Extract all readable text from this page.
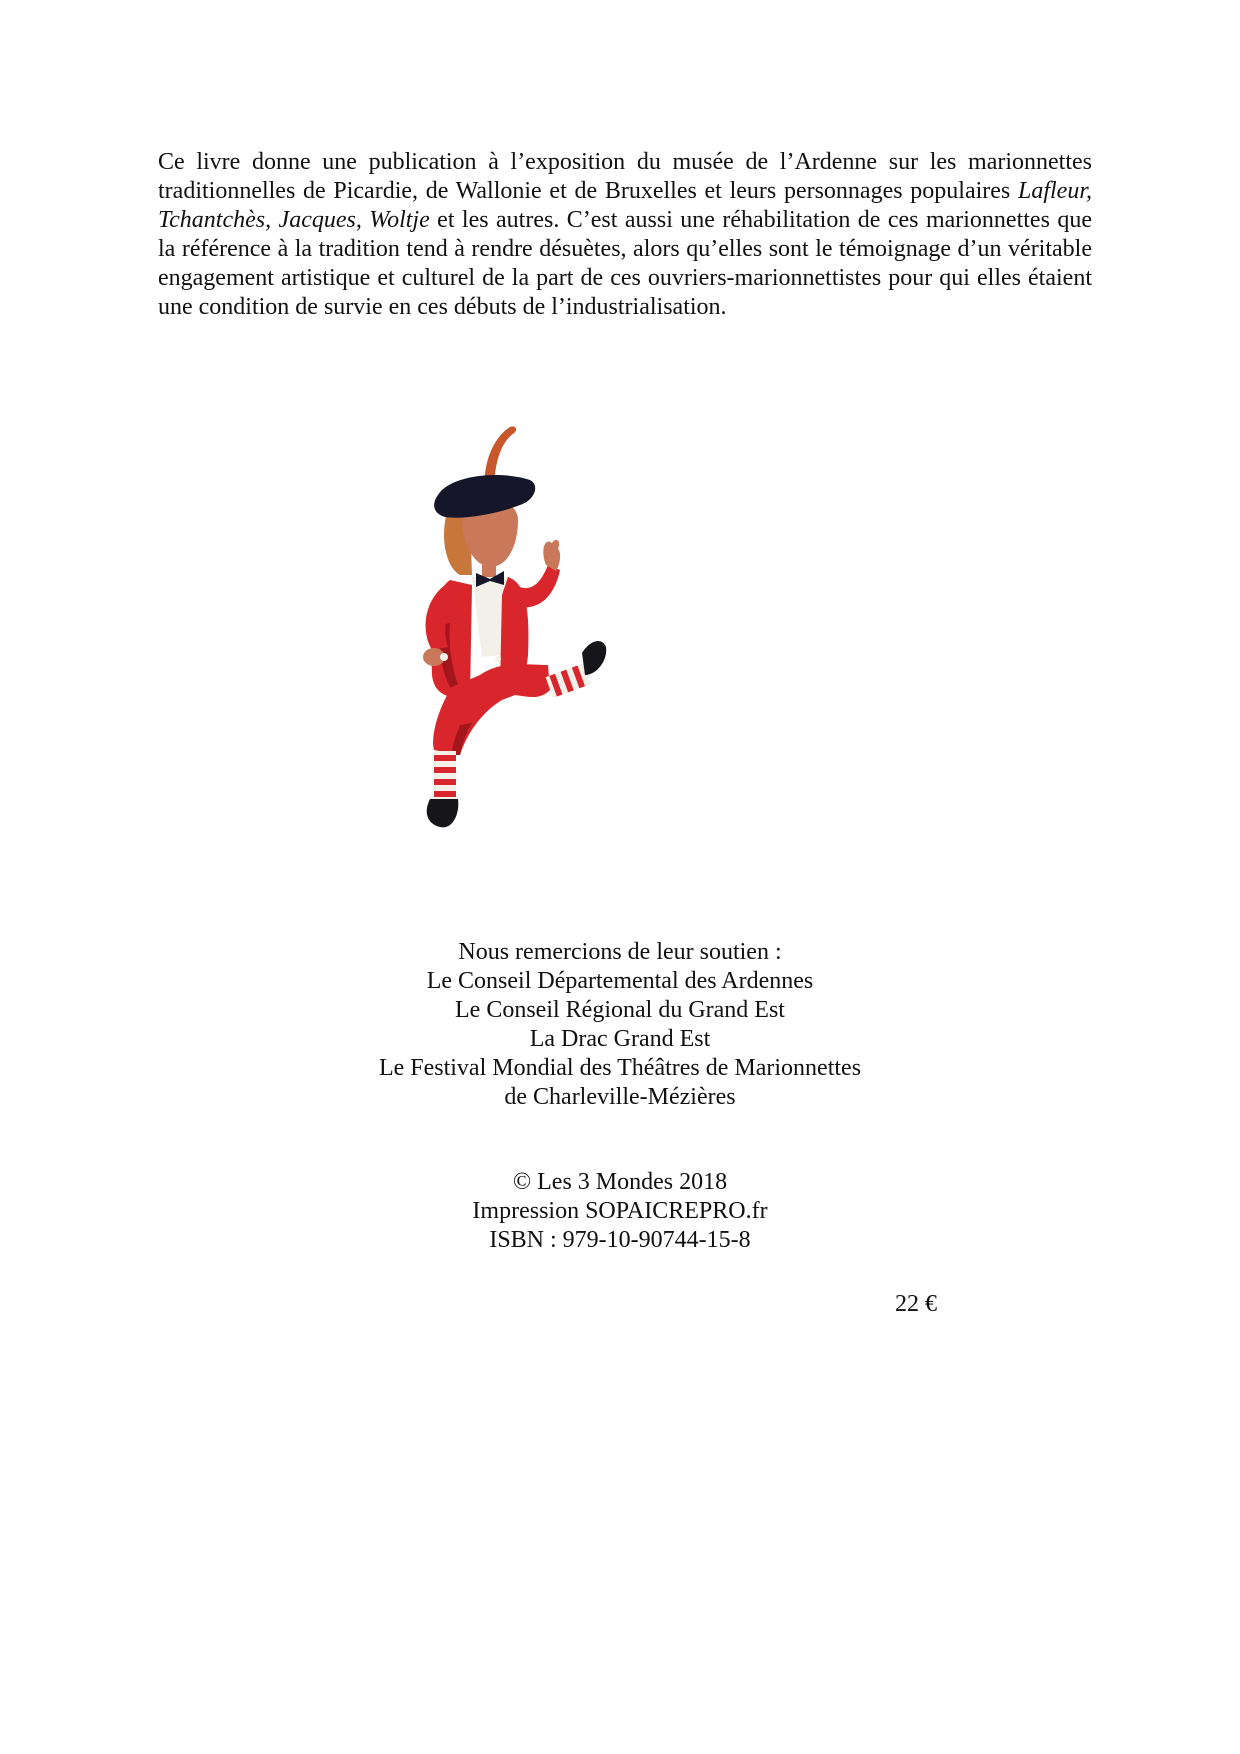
Ce livre donne une publication à l’exposition du musée de l’Ardenne sur les marionnettes traditionnelles de Picardie, de Wallonie et de Bruxelles et leurs personnages populaires Lafleur, Tchantchès, Jacques, Woltje et les autres. C’est aussi une réhabilitation de ces marionnettes que la référence à la tradition tend à rendre désuètes, alors qu’elles sont le témoignage d’un véritable engagement artistique et culturel de la part de ces ouvriers-marionnettistes pour qui elles étaient une condition de survie en ces débuts de l’industrialisation.

Nous remercions de leur soutien :
Le Conseil Départemental des Ardennes
Le Conseil Régional du Grand Est
La Drac Grand Est
Le Festival Mondial des Théâtres de Marionnettes
de Charleville-Mézières
© Les 3 Mondes 2018
Impression SOPAICREPRO.fr
ISBN : 979-10-90744-15-8
22 €
